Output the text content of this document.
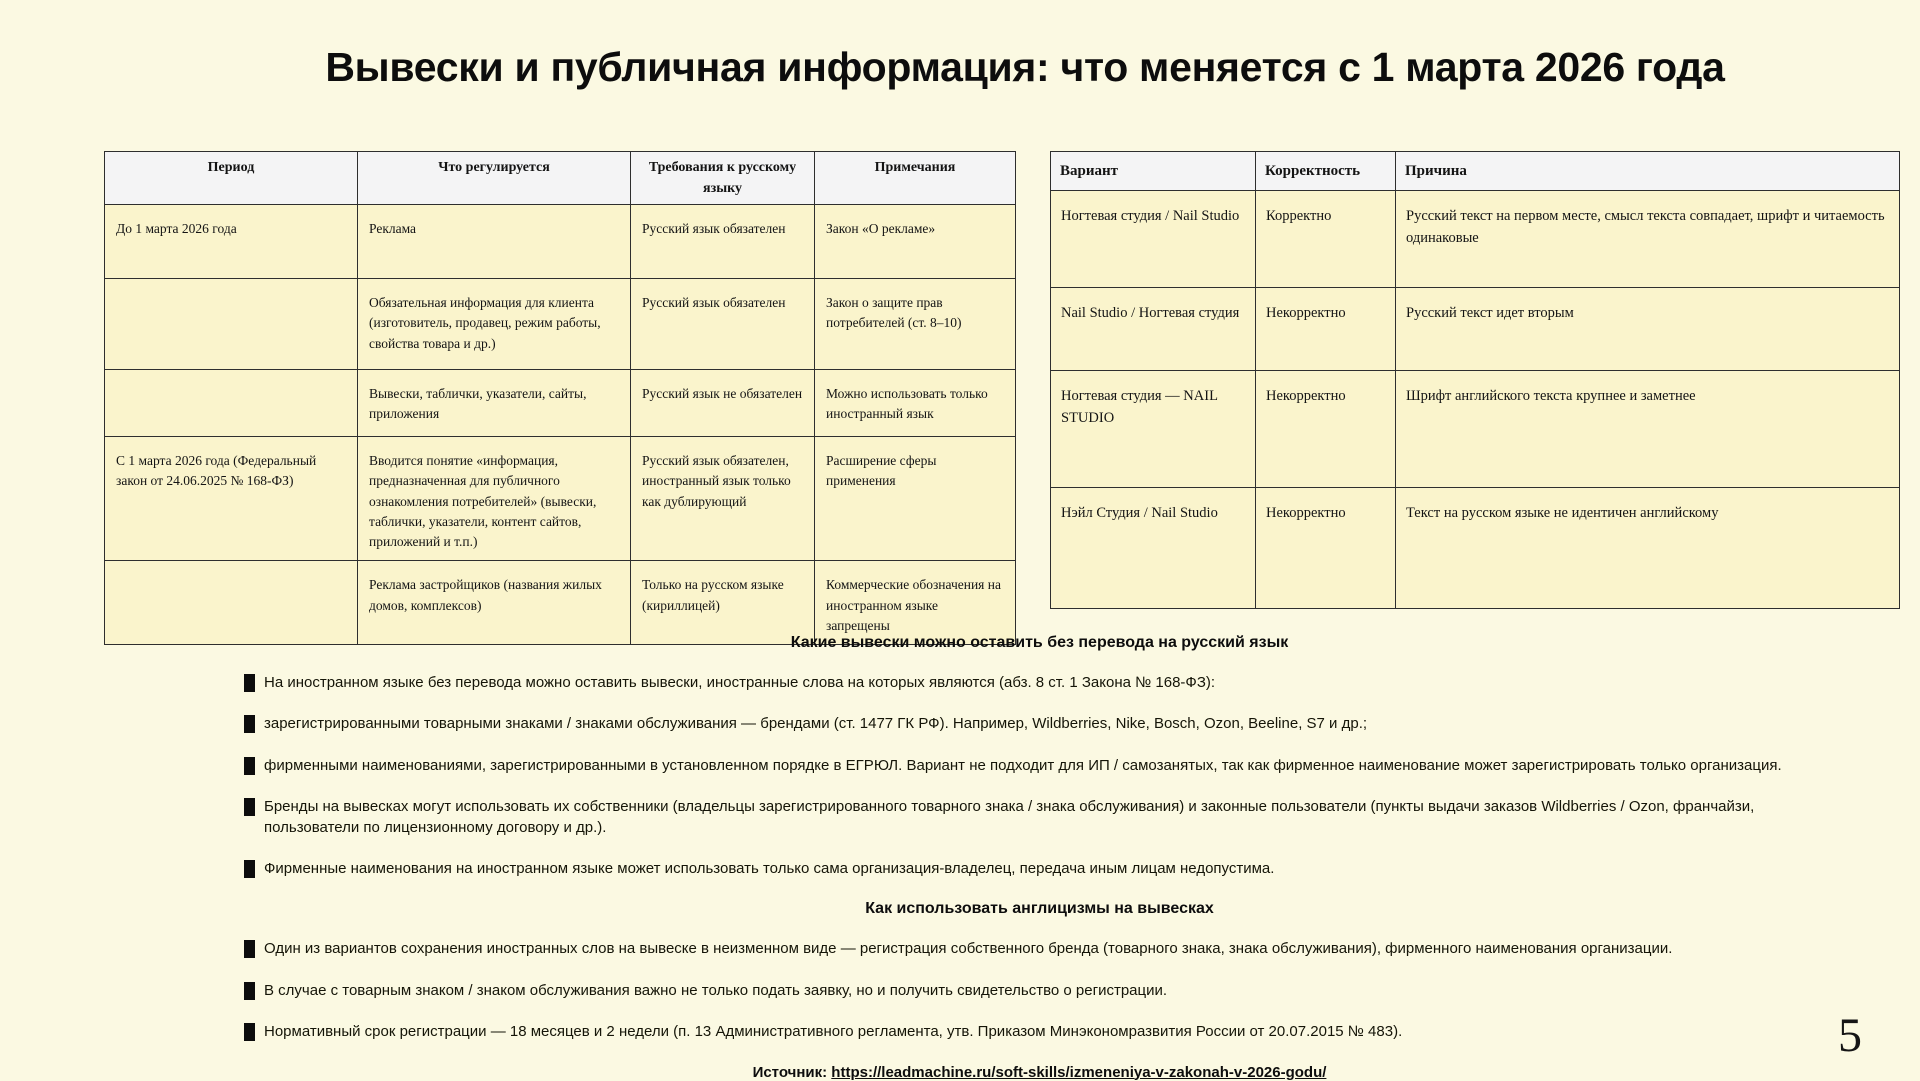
Вывески и публичная информация: что меняется с 1 марта 2026 года
Период	Что регулируется	Требования к русскому языку	Примечания
До 1 марта 2026 года	Реклама	Русский язык обязателен	Закон «О рекламе»
	Обязательная информация для клиента (изготовитель, продавец, режим работы, свойства товара и др.)	Русский язык обязателен	Закон о защите прав потребителей (ст. 8–10)
	Вывески, таблички, указатели, сайты, приложения	Русский язык не обязателен	Можно использовать только иностранный язык
С 1 марта 2026 года (Федеральный закон от 24.06.2025 № 168-ФЗ)	Вводится понятие «информация, предназначенная для публичного ознакомления потребителей» (вывески, таблички, указатели, контент сайтов, приложений и т.п.)	Русский язык обязателен, иностранный язык только как дублирующий	Расширение сферы применения
	Реклама застройщиков (названия жилых домов, комплексов)	Только на русском языке (кириллицей)	Коммерческие обозначения на иностранном языке запрещены
Вариант	Корректность	Причина
Ногтевая студия / Nail Studio	Корректно	Русский текст на первом месте, смысл текста совпадает, шрифт и читаемость одинаковые
Nail Studio / Ногтевая студия	Некорректно	Русский текст идет вторым
Ногтевая студия — NAIL STUDIO	Некорректно	Шрифт английского текста крупнее и заметнее
Нэйл Студия / Nail Studio	Некорректно	Текст на русском языке не идентичен английскому
Какие вывески можно оставить без перевода на русский язык
На иностранном языке без перевода можно оставить вывески, иностранные слова на которых являются (абз. 8 ст. 1 Закона № 168-ФЗ):
зарегистрированными товарными знаками / знаками обслуживания — брендами (ст. 1477 ГК РФ). Например, Wildberries, Nike, Bosch, Ozon, Beeline, S7 и др.;
фирменными наименованиями, зарегистрированными в установленном порядке в ЕГРЮЛ. Вариант не подходит для ИП / самозанятых, так как фирменное наименование может зарегистрировать только организация.
Бренды на вывесках могут использовать их собственники (владельцы зарегистрированного товарного знака / знака обслуживания) и законные пользователи (пункты выдачи заказов Wildberries / Ozon, франчайзи, пользователи по лицензионному договору и др.).
Фирменные наименования на иностранном языке может использовать только сама организация-владелец, передача иным лицам недопустима.
Как использовать англицизмы на вывесках
Один из вариантов сохранения иностранных слов на вывеске в неизменном виде — регистрация собственного бренда (товарного знака, знака обслуживания), фирменного наименования организации.
В случае с товарным знаком / знаком обслуживания важно не только подать заявку, но и получить свидетельство о регистрации.
Нормативный срок регистрации — 18 месяцев и 2 недели (п. 13 Административного регламента, утв. Приказом Минэкономразвития России от 20.07.2015 № 483).
Источник: https://leadmachine.ru/soft-skills/izmeneniya-v-zakonah-v-2026-godu/
5
